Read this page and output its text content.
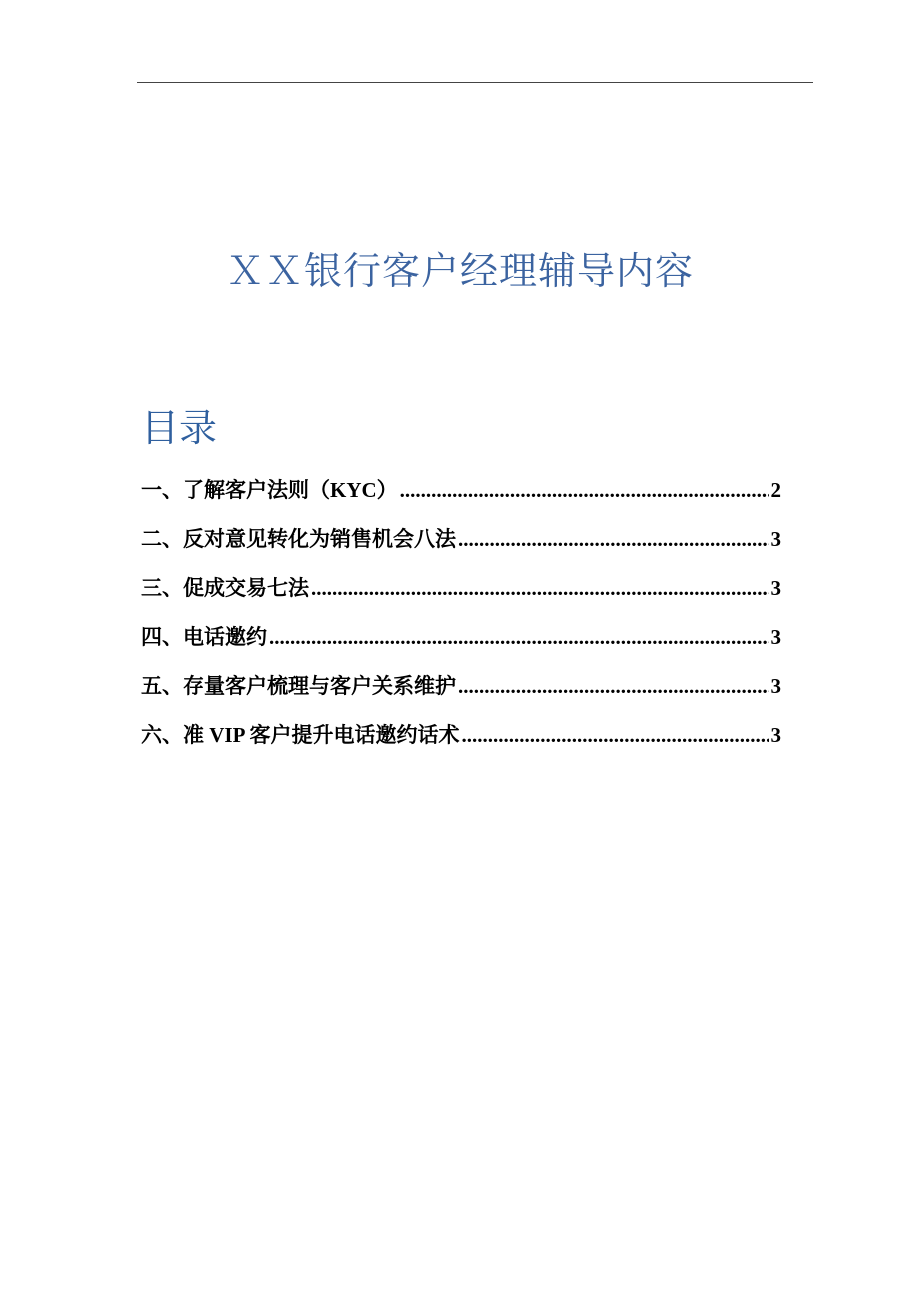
ＸＸ银行客户经理辅导内容
目录
一、了解客户法则（KYC） .....	2
二、反对意见转化为销售机会八法 .....	3
三、促成交易七法 .....	3
四、电话邀约 .....	3
五、存量客户梳理与客户关系维护 .....	3
六、准 VIP 客户提升电话邀约话术 .....	3
